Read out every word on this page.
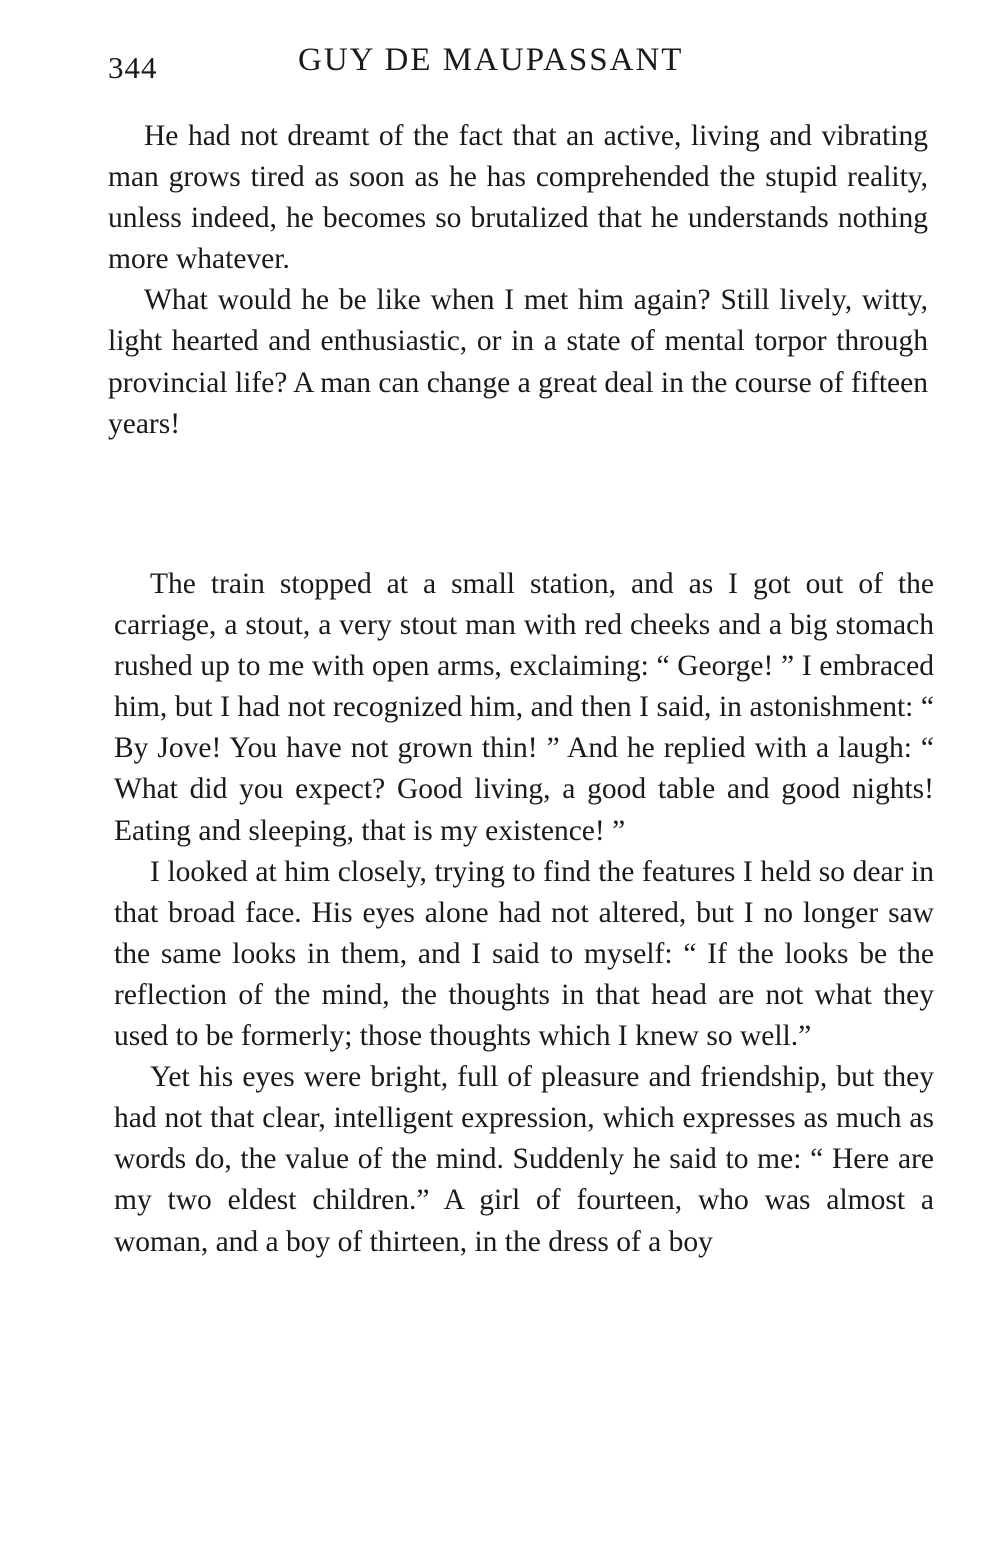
344	GUY DE MAUPASSANT

He had not dreamt of the fact that an active, living and vibrating man grows tired as soon as he has comprehended the stupid reality, unless indeed, he becomes so brutalized that he understands nothing more whatever.

What would he be like when I met him again? Still lively, witty, light hearted and enthusiastic, or in a state of mental torpor through provincial life? A man can change a great deal in the course of fifteen years!

The train stopped at a small station, and as I got out of the carriage, a stout, a very stout man with red cheeks and a big stomach rushed up to me with open arms, exclaiming: “ George! ” I embraced him, but I had not recognized him, and then I said, in astonishment: “ By Jove! You have not grown thin! ” And he replied with a laugh: “ What did you expect? Good living, a good table and good nights! Eating and sleeping, that is my existence! ”

I looked at him closely, trying to find the features I held so dear in that broad face. His eyes alone had not altered, but I no longer saw the same looks in them, and I said to myself: “ If the looks be the reflection of the mind, the thoughts in that head are not what they used to be formerly; those thoughts which I knew so well.”

Yet his eyes were bright, full of pleasure and friendship, but they had not that clear, intelligent expression, which expresses as much as words do, the value of the mind. Suddenly he said to me: “ Here are my two eldest children.” A girl of fourteen, who was almost a woman, and a boy of thirteen, in the dress of a boy
